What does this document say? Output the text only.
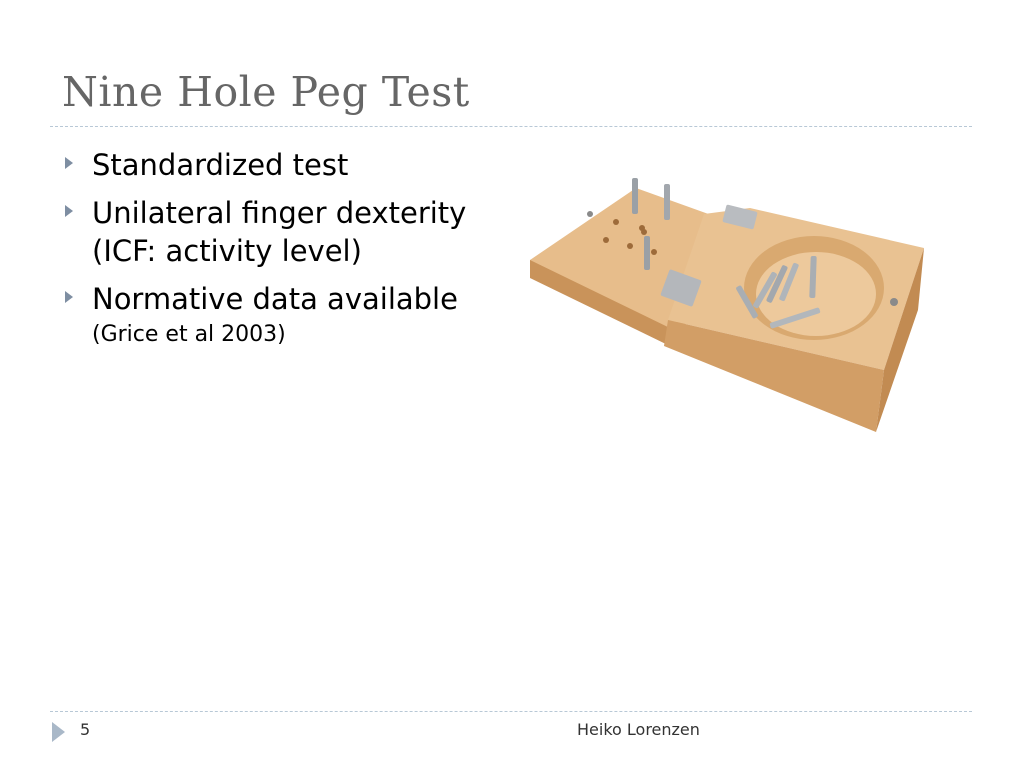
Nine Hole Peg Test
Standardized test
Unilateral finger dexterity
(ICF: activity level)
Normative data available
(Grice et al 2003)
5	Heiko Lorenzen
